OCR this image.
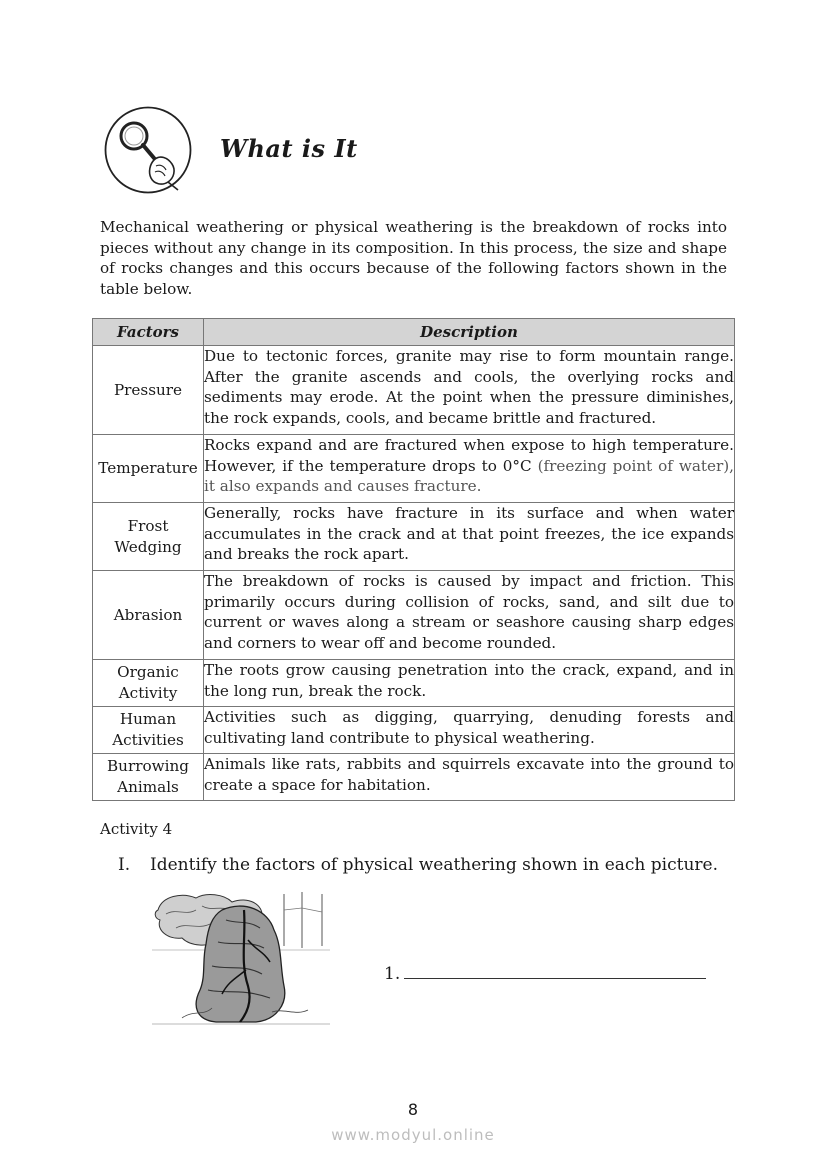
What is It

Mechanical weathering or physical weathering is the breakdown of rocks into pieces without any change in its composition. In this process, the size and shape of rocks changes and this occurs because of the following factors shown in the table below.

Factors	Description
Pressure	Due to tectonic forces, granite may rise to form mountain range. After the granite ascends and cools, the overlying rocks and sediments may erode. At the point when the pressure diminishes, the rock expands, cools, and became brittle and fractured.
Temperature	Rocks expand and are fractured when expose to high temperature. However, if the temperature drops to 0°C (freezing point of water), it also expands and causes fracture.

Frost Wedging	Generally, rocks have fracture in its surface and when water accumulates in the crack and at that point freezes, the ice expands and breaks the rock apart.
Abrasion	The breakdown of rocks is caused by impact and friction. This primarily occurs during collision of rocks, sand, and silt due to current or waves along a stream or seashore causing sharp edges and corners to wear off and become rounded.

Organic Activity	The roots grow causing penetration into the crack, expand, and in the long run, break the rock.

Human Activities	Activities such as digging, quarrying, denuding forests and cultivating land contribute to physical weathering.

Burrowing Animals	Animals like rats, rabbits and squirrels excavate into the ground to create a space for habitation.
Activity 4
I. Identify the factors of physical weathering shown in each picture.
1.
8
www.modyul.online
